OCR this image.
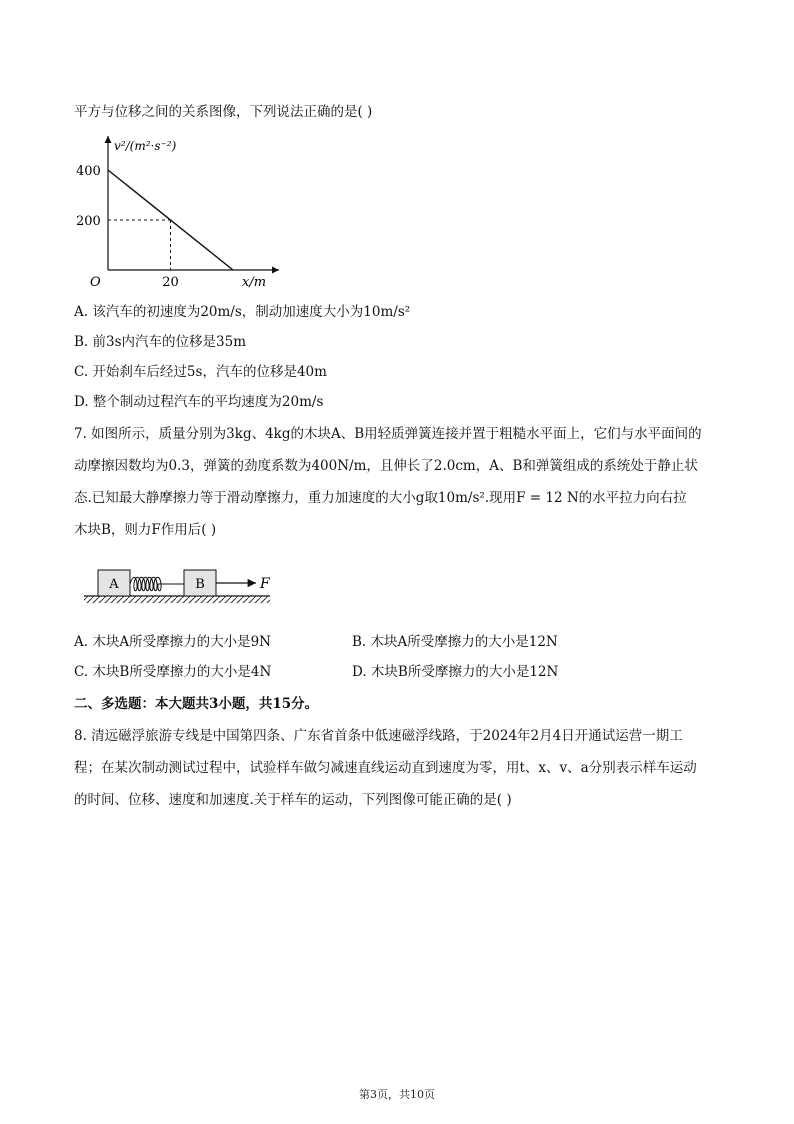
平方与位移之间的关系图像，下列说法正确的是( )
v²/(m²·s⁻²)
400
200
20
O	x/m
A. 该汽车的初速度为20m/s，制动加速度大小为10m/s²
B. 前3s内汽车的位移是35m
C. 开始刹车后经过5s，汽车的位移是40m
D. 整个制动过程汽车的平均速度为20m/s
7. 如图所示，质量分别为3kg、4kg的木块A、B用轻质弹簧连接并置于粗糙水平面上，它们与水平面间的
动摩擦因数均为0.3，弹簧的劲度系数为400N/m，且伸长了2.0cm，A、B和弹簧组成的系统处于静止状
态.已知最大静摩擦力等于滑动摩擦力，重力加速度的大小g取10m/s².现用F = 12 N的水平拉力向右拉
木块B，则力F作用后( )
A	B	F
A. 木块A所受摩擦力的大小是9N	B. 木块A所受摩擦力的大小是12N
C. 木块B所受摩擦力的大小是4N	D. 木块B所受摩擦力的大小是12N
二、多选题：本大题共3小题，共15分。
8. 清远磁浮旅游专线是中国第四条、广东省首条中低速磁浮线路，于2024年2月4日开通试运营一期工
程；在某次制动测试过程中，试验样车做匀减速直线运动直到速度为零，用t、x、v、a分别表示样车运动
的时间、位移、速度和加速度.关于样车的运动，下列图像可能正确的是( )
第3页，共10页
